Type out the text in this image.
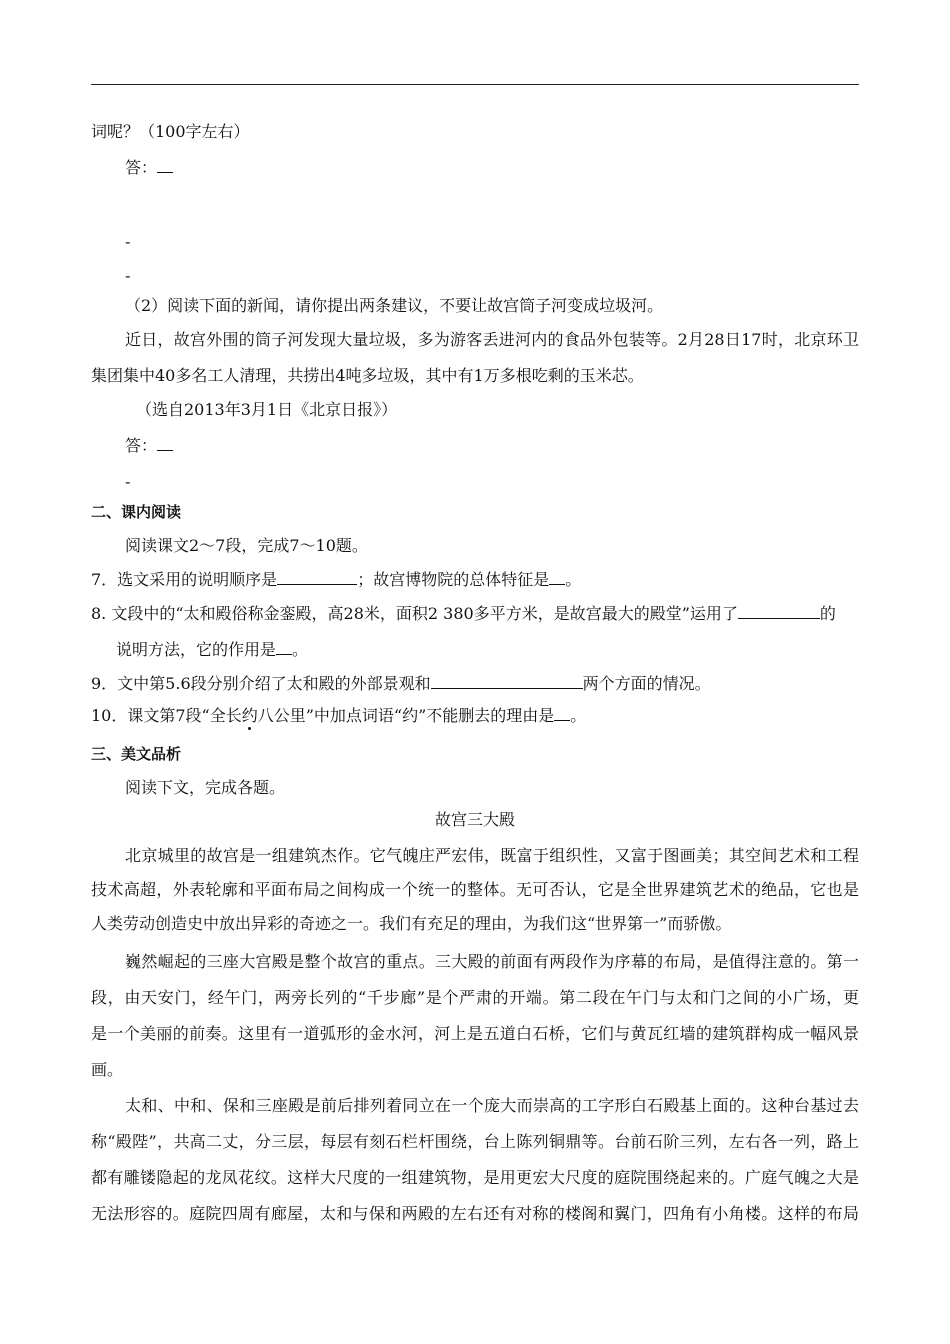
词呢？（100字左右）
答：
-
-
（2）阅读下面的新闻，请你提出两条建议，不要让故宫筒子河变成垃圾河。
近日，故宫外围的筒子河发现大量垃圾，多为游客丢进河内的食品外包装等。2月28日17时，北京环卫
集团集中40多名工人清理，共捞出4吨多垃圾，其中有1万多根吃剩的玉米芯。
（选自2013年3月1日《北京日报》）
答：
-
二、课内阅读
阅读课文2～7段，完成7～10题。
7．选文采用的说明顺序是	；故宫博物院的总体特征是 。
8. 文段中的“太和殿俗称金銮殿，高28米，面积2 380多平方米，是故宫最大的殿堂”运用了	的
说明方法，它的作用是 。
9．文中第5.6段分别介绍了太和殿的外部景观和	两个方面的情况。
10．课文第7段“全长约八公里”中加点词语“约”不能删去的理由是 。
三、美文品析
阅读下文，完成各题。
故宫三大殿
北京城里的故宫是一组建筑杰作。它气魄庄严宏伟，既富于组织性，又富于图画美；其空间艺术和工程
技术高超，外表轮廓和平面布局之间构成一个统一的整体。无可否认，它是全世界建筑艺术的绝品，它也是
人类劳动创造史中放出异彩的奇迹之一。我们有充足的理由，为我们这“世界第一”而骄傲。
巍然崛起的三座大宫殿是整个故宫的重点。三大殿的前面有两段作为序幕的布局，是值得注意的。第一
段，由天安门，经午门，两旁长列的“千步廊”是个严肃的开端。第二段在午门与太和门之间的小广场，更
是一个美丽的前奏。这里有一道弧形的金水河，河上是五道白石桥，它们与黄瓦红墙的建筑群构成一幅风景
画。
太和、中和、保和三座殿是前后排列着同立在一个庞大而崇高的工字形白石殿基上面的。这种台基过去
称“殿陛”，共高二丈，分三层，每层有刻石栏杆围绕，台上陈列铜鼎等。台前石阶三列，左右各一列，路上
都有雕镂隐起的龙凤花纹。这样大尺度的一组建筑物，是用更宏大尺度的庭院围绕起来的。广庭气魄之大是
无法形容的。庭院四周有廊屋，太和与保和两殿的左右还有对称的楼阁和翼门，四角有小角楼。这样的布局
